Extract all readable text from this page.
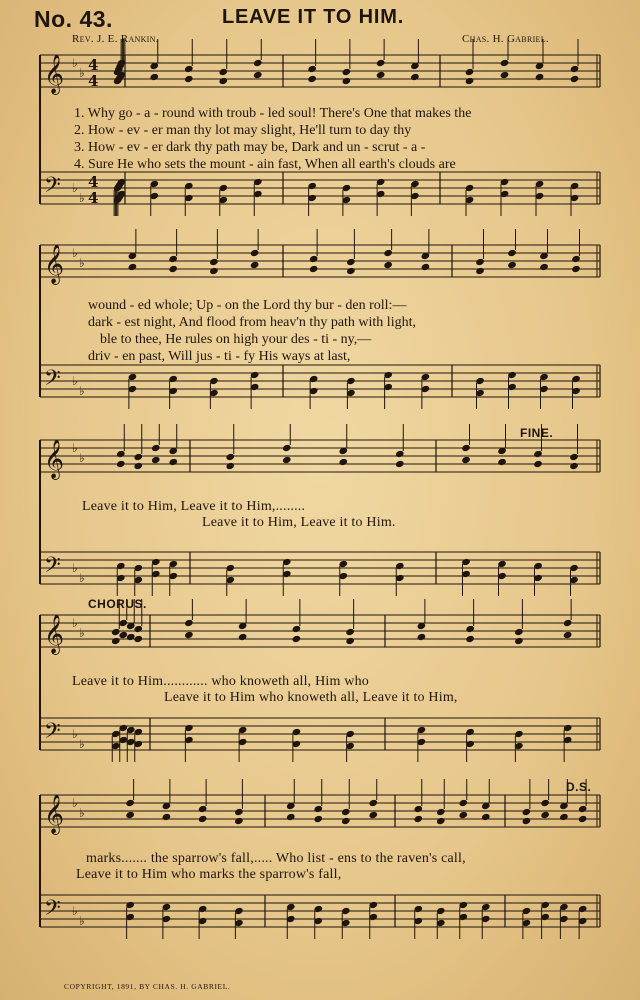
No. 43.	LEAVE IT TO HIM.
Rev. J. E. Rankin.	Chas. H. Gabriel.
𝄞
𝄢
♭
♭
♭
♭
4
4
4
4
𝄞
𝄢
♭
♭
♭
♭
𝄞
𝄢
♭
♭
♭
♭
𝄞
𝄢
♭
♭
♭
♭
𝄞
𝄢
♭
♭
♭
♭
1. Why go - a - round with troub - led soul! There's One that makes the
2. How - ev - er man thy lot may slight, He'll turn to day thy
3. How - ev - er dark thy path may be, Dark and un - scrut - a -
4. Sure He who sets the mount - ain fast, When all earth's clouds are
wound - ed whole; Up - on the Lord thy bur - den roll:—
dark - est night, And flood from heav'n thy path with light,
ble to thee, He rules on high your des - ti - ny,—
driv - en past, Will jus - ti - fy His ways at last,
FINE.
Leave it to Him, Leave it to Him,........
Leave it to Him, Leave it to Him.
CHORUS.
Leave it to Him............ who knoweth all, Him who
Leave it to Him who knoweth all, Leave it to Him,
D.S.
marks....... the sparrow's fall,..... Who list - ens to the raven's call,
Leave it to Him who marks the sparrow's fall,
COPYRIGHT, 1891, BY CHAS. H. GABRIEL.
